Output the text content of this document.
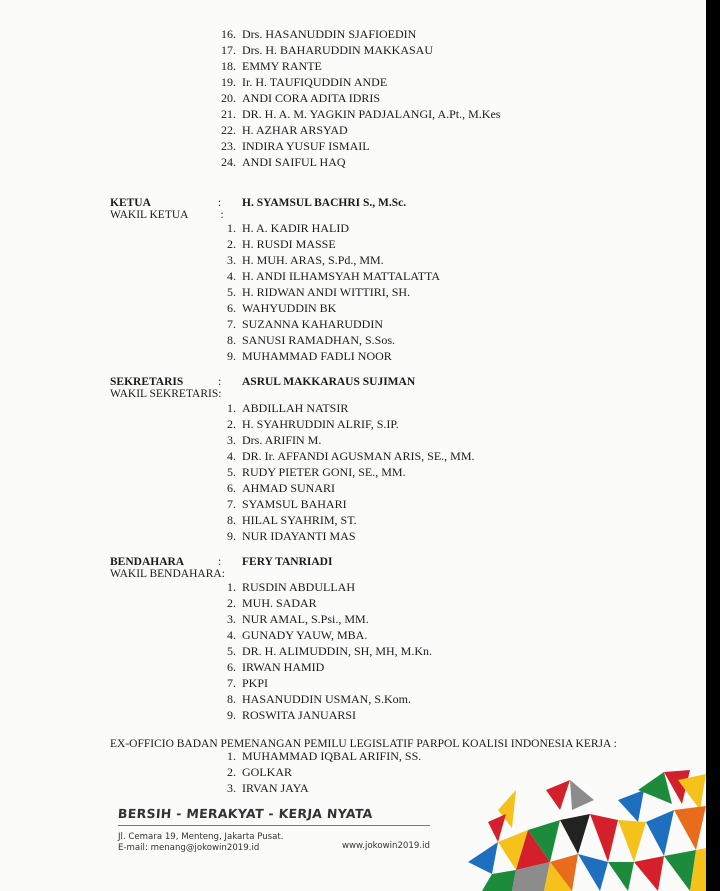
16. Drs. HASANUDDIN SJAFIOEDIN
17. Drs. H. BAHARUDDIN MAKKASAU
18. EMMY RANTE
19. Ir. H. TAUFIQUDDIN ANDE
20. ANDI CORA ADITA IDRIS
21. DR. H. A. M. YAGKIN PADJALANGI, A.Pt., M.Kes
22. H. AZHAR ARSYAD
23. INDIRA YUSUF ISMAIL
24. ANDI SAIFUL HAQ
KETUA	: H. SYAMSUL BACHRI S., M.Sc.
WAKIL KETUA	:
1. H. A. KADIR HALID
2. H. RUSDI MASSE
3. H. MUH. ARAS, S.Pd., MM.
4. H. ANDI ILHAMSYAH MATTALATTA
5. H. RIDWAN ANDI WITTIRI, SH.
6. WAHYUDDIN BK
7. SUZANNA KAHARUDDIN
8. SANUSI RAMADHAN, S.Sos.
9. MUHAMMAD FADLI NOOR
SEKRETARIS	: ASRUL MAKKARAUS SUJIMAN
WAKIL SEKRETARIS:
1. ABDILLAH NATSIR
2. H. SYAHRUDDIN ALRIF, S.IP.
3. Drs. ARIFIN M.
4. DR. Ir. AFFANDI AGUSMAN ARIS, SE., MM.
5. RUDY PIETER GONI, SE., MM.
6. AHMAD SUNARI
7. SYAMSUL BAHARI
8. HILAL SYAHRIM, ST.
9. NUR IDAYANTI MAS
BENDAHARA	: FERY TANRIADI
WAKIL BENDAHARA:
1. RUSDIN ABDULLAH
2. MUH. SADAR
3. NUR AMAL, S.Psi., MM.
4. GUNADY YAUW, MBA.
5. DR. H. ALIMUDDIN, SH, MH, M.Kn.
6. IRWAN HAMID
7. PKPI
8. HASANUDDIN USMAN, S.Kom.
9. ROSWITA JANUARSI
EX-OFFICIO BADAN PEMENANGAN PEMILU LEGISLATIF PARPOL KOALISI INDONESIA KERJA :
1. MUHAMMAD IQBAL ARIFIN, SS.
2. GOLKAR
3. IRVAN JAYA
BERSIH - MERAKYAT - KERJA NYATA
Jl. Cemara 19, Menteng, Jakarta Pusat.
E-mail: menang@jokowin2019.id	www.jokowin2019.id
